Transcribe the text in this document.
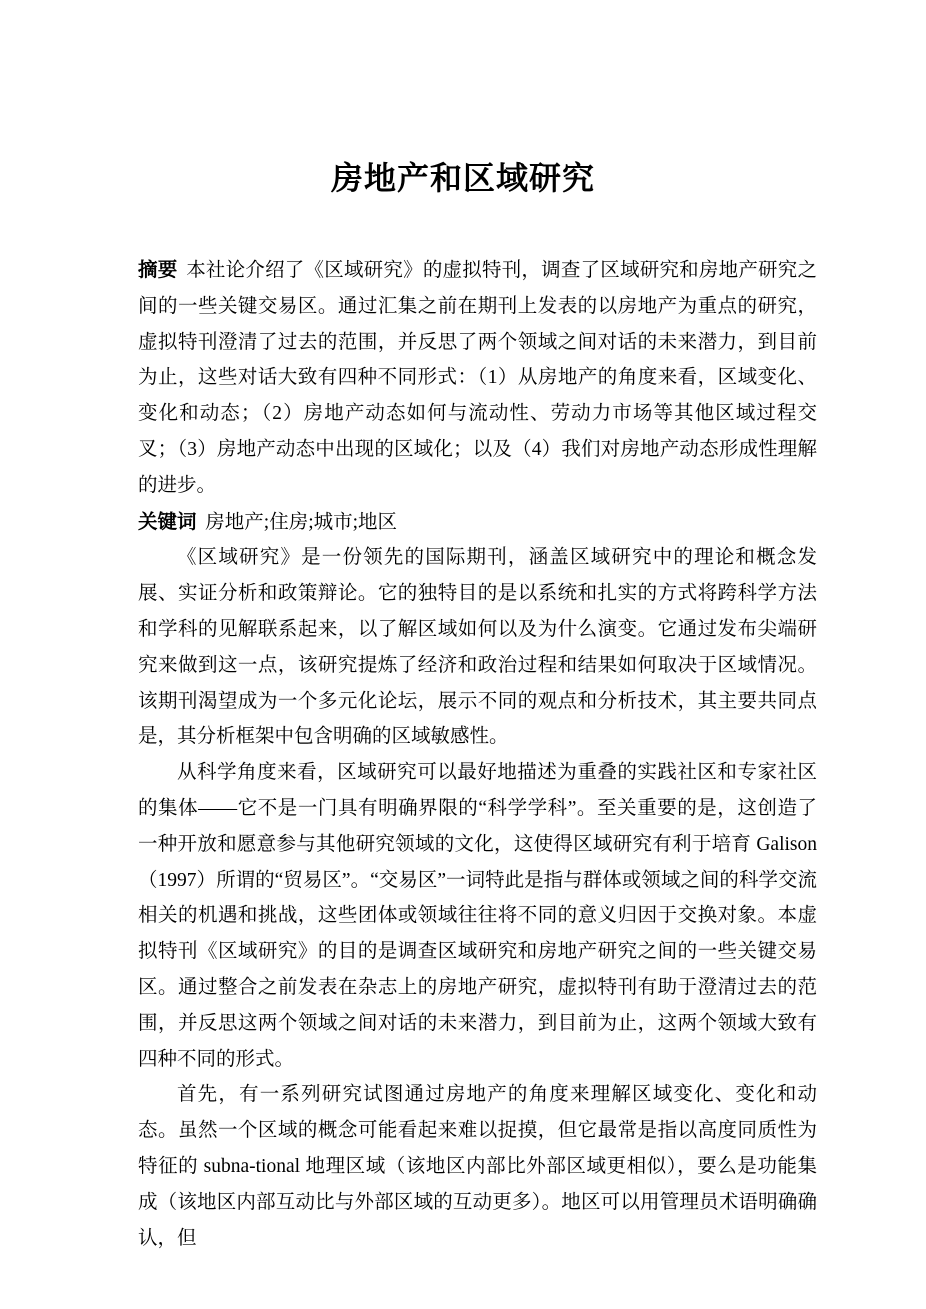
房地产和区域研究

摘要 本社论介绍了《区域研究》的虚拟特刊，调查了区域研究和房地产研究之间的一些关键交易区。通过汇集之前在期刊上发表的以房地产为重点的研究，虚拟特刊澄清了过去的范围，并反思了两个领域之间对话的未来潜力，到目前为止，这些对话大致有四种不同形式：（1）从房地产的角度来看，区域变化、变化和动态；（2）房地产动态如何与流动性、劳动力市场等其他区域过程交叉；（3）房地产动态中出现的区域化；以及（4）我们对房地产动态形成性理解的进步。

关键词 房地产;住房;城市;地区

《区域研究》是一份领先的国际期刊，涵盖区域研究中的理论和概念发展、实证分析和政策辩论。它的独特目的是以系统和扎实的方式将跨科学方法和学科的见解联系起来，以了解区域如何以及为什么演变。它通过发布尖端研究来做到这一点，该研究提炼了经济和政治过程和结果如何取决于区域情况。该期刊渴望成为一个多元化论坛，展示不同的观点和分析技术，其主要共同点是，其分析框架中包含明确的区域敏感性。

从科学角度来看，区域研究可以最好地描述为重叠的实践社区和专家社区的集体——它不是一门具有明确界限的“科学学科”。至关重要的是，这创造了一种开放和愿意参与其他研究领域的文化，这使得区域研究有利于培育 Galison（1997）所谓的“贸易区”。“交易区”一词特此是指与群体或领域之间的科学交流相关的机遇和挑战，这些团体或领域往往将不同的意义归因于交换对象。本虚拟特刊《区域研究》的目的是调查区域研究和房地产研究之间的一些关键交易区。通过整合之前发表在杂志上的房地产研究，虚拟特刊有助于澄清过去的范围，并反思这两个领域之间对话的未来潜力，到目前为止，这两个领域大致有四种不同的形式。

首先，有一系列研究试图通过房地产的角度来理解区域变化、变化和动态。虽然一个区域的概念可能看起来难以捉摸，但它最常是指以高度同质性为特征的 subna-tional 地理区域（该地区内部比外部区域更相似），要么是功能集成（该地区内部互动比与外部区域的互动更多）。地区可以用管理员术语明确确认，但
